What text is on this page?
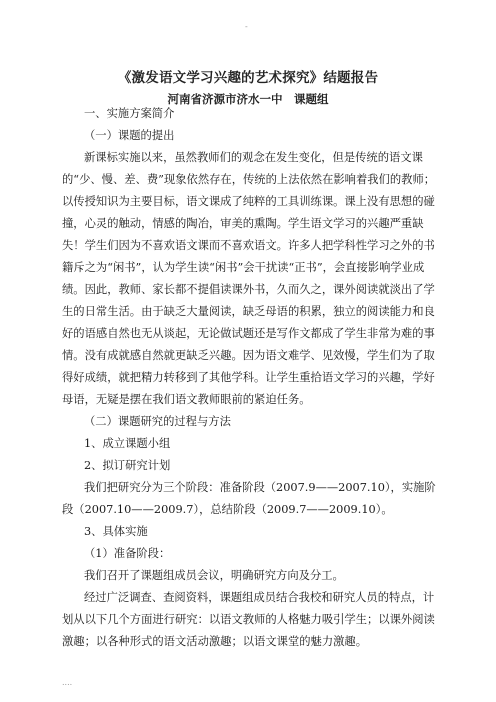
-
《激发语文学习兴趣的艺术探究》结题报告
河南省济源市济水一中　课题组

一、实施方案简介

（一）课题的提出

新课标实施以来，虽然教师们的观念在发生变化，但是传统的语文课的“少、慢、差、费”现象依然存在，传统的上法依然在影响着我们的教师；以传授知识为主要目标，语文课成了纯粹的工具训练课。课上没有思想的碰撞，心灵的触动，情感的陶冶，审美的熏陶。学生语文学习的兴趣严重缺失！学生们因为不喜欢语文课而不喜欢语文。许多人把学科性学习之外的书籍斥之为“闲书”，认为学生读“闲书”会干扰读“正书”，会直接影响学业成绩。因此，教师、家长都不提倡读课外书，久而久之，课外阅读就淡出了学生的日常生活。由于缺乏大量阅读，缺乏母语的积累，独立的阅读能力和良好的语感自然也无从谈起，无论做试题还是写作文都成了学生非常为难的事情。没有成就感自然就更缺乏兴趣。因为语文难学、见效慢，学生们为了取得好成绩，就把精力转移到了其他学科。让学生重拾语文学习的兴趣，学好母语，无疑是摆在我们语文教师眼前的紧迫任务。

（二）课题研究的过程与方法

1、成立课题小组

2、拟订研究计划

我们把研究分为三个阶段：准备阶段（2007.9——2007.10），实施阶段（2007.10——2009.7），总结阶段（2009.7——2009.10）。

3、具体实施

（1）准备阶段：

我们召开了课题组成员会议，明确研究方向及分工。

经过广泛调查、查阅资料，课题组成员结合我校和研究人员的特点，计划从以下几个方面进行研究：以语文教师的人格魅力吸引学生；以课外阅读激趣；以各种形式的语文活动激趣；以语文课堂的魅力激趣。

....
